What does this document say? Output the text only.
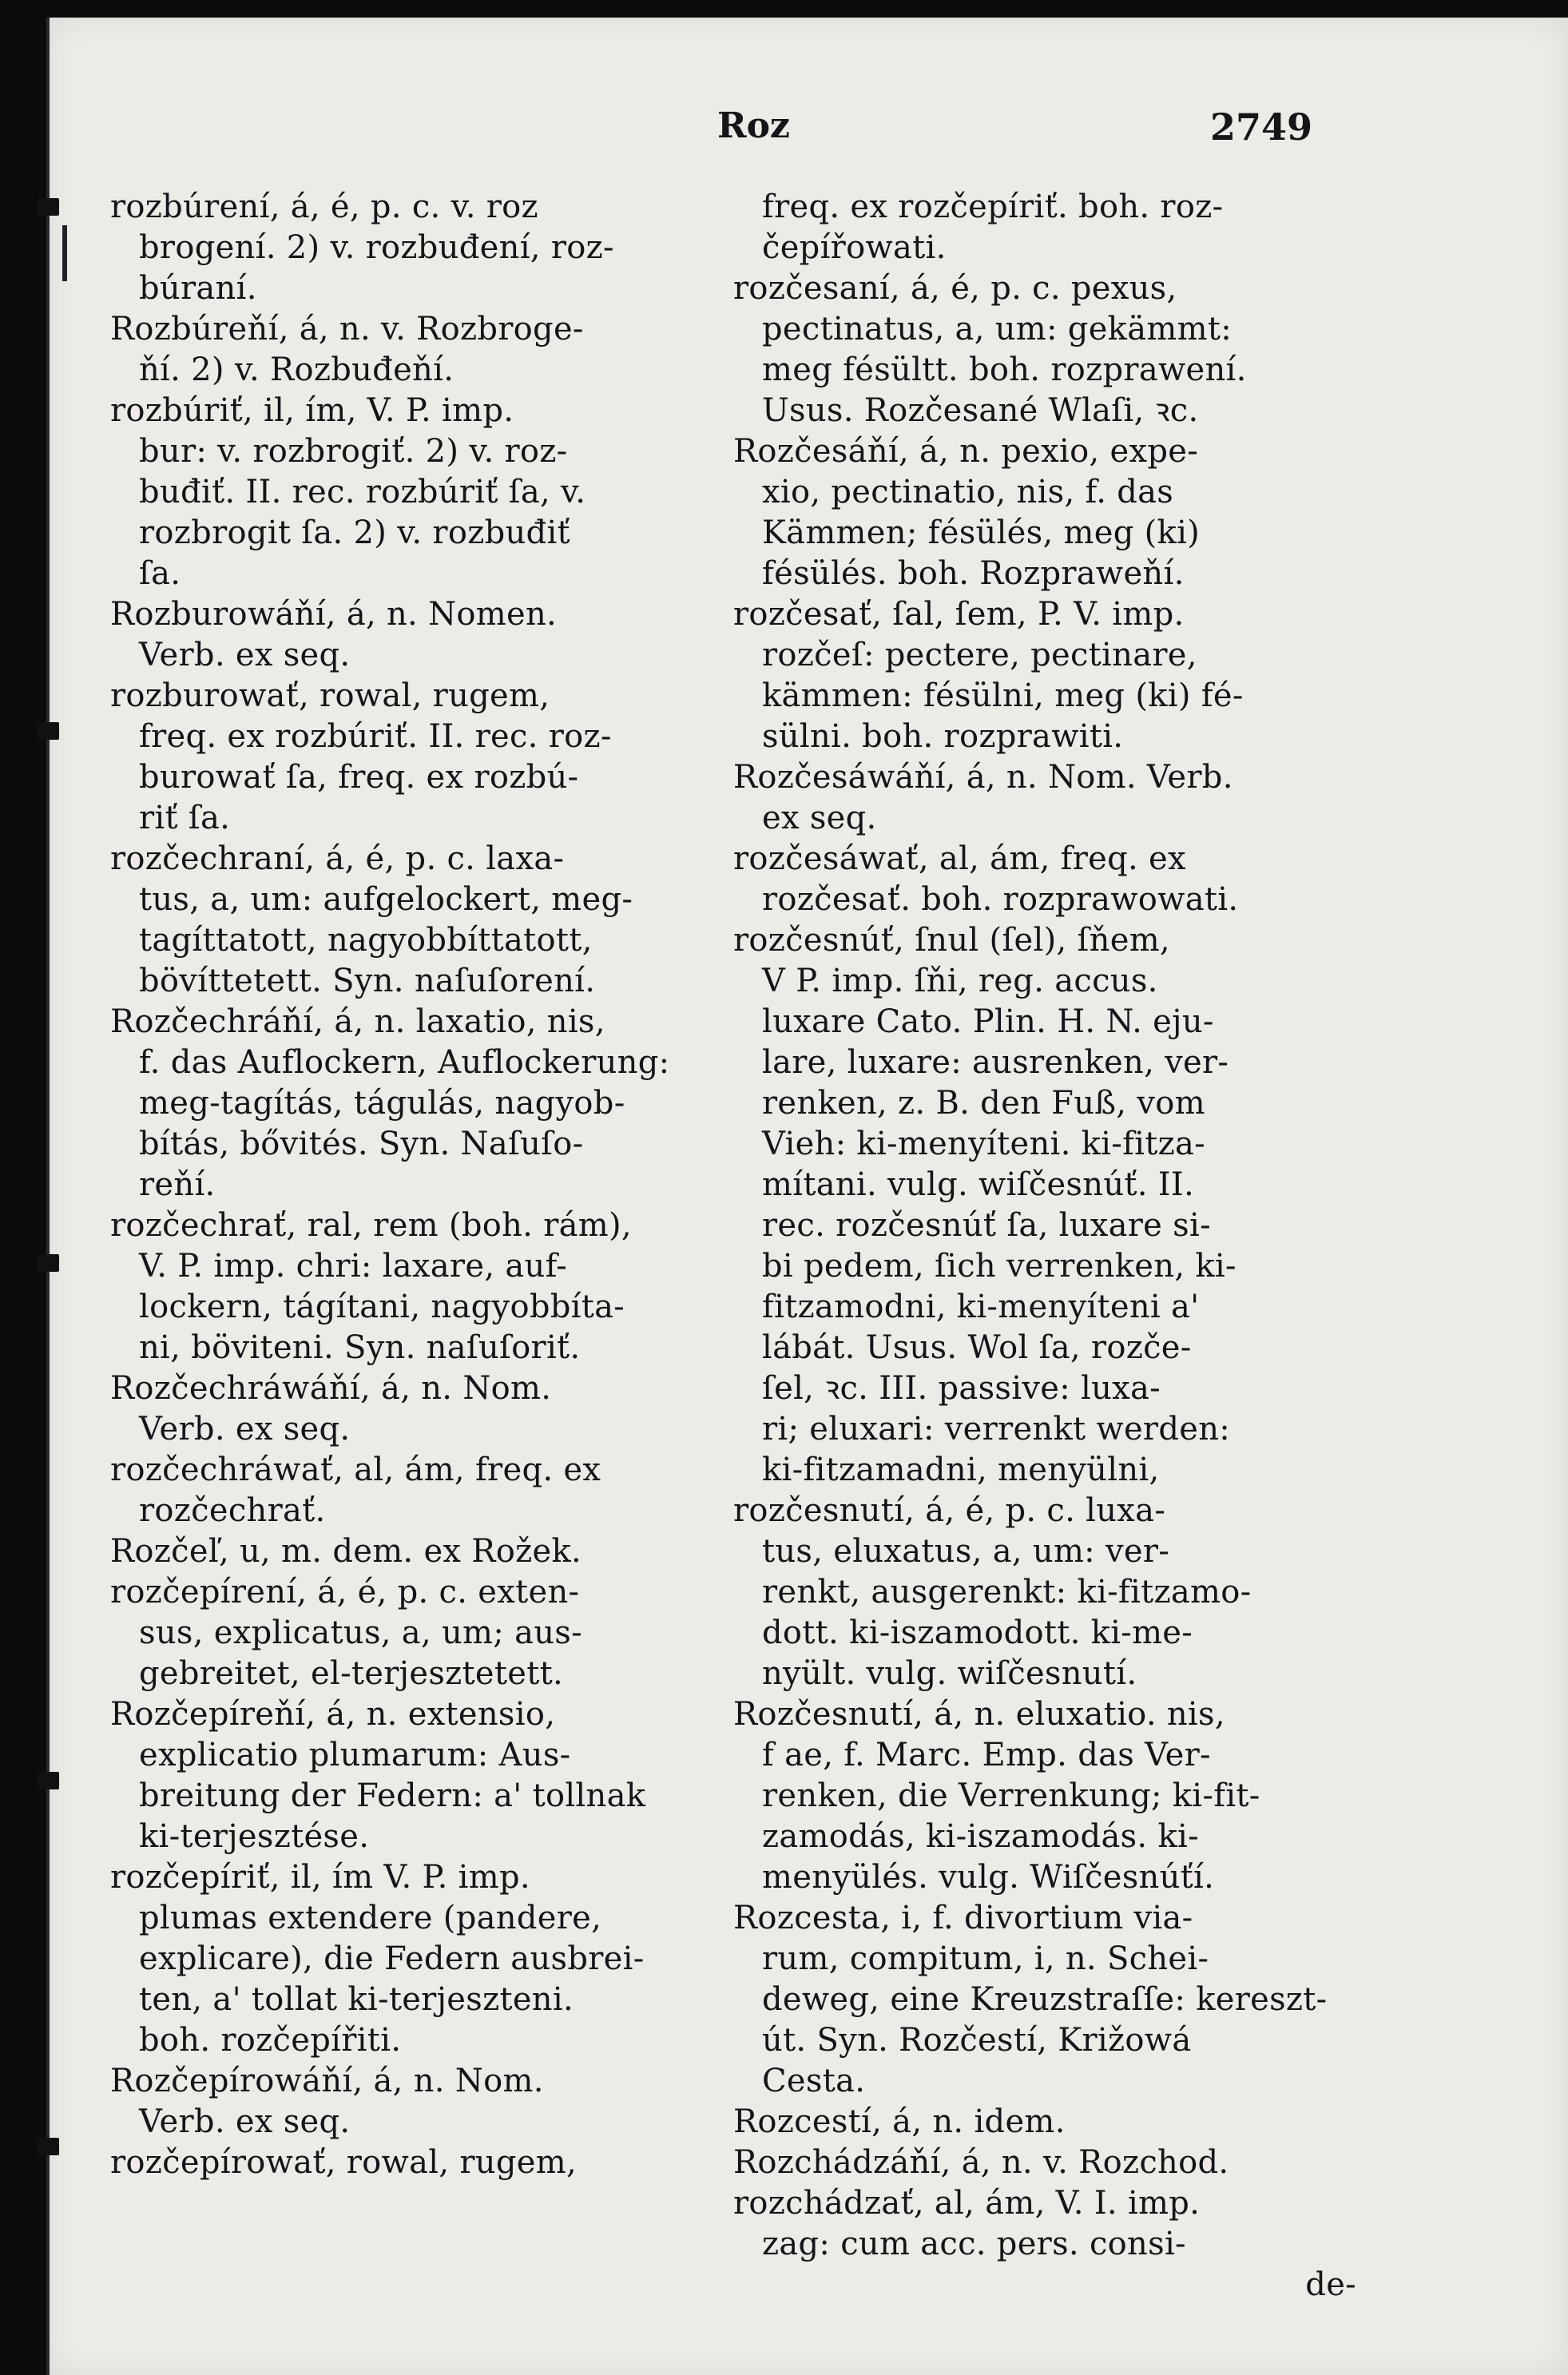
Roz	2749
rozbúrení, á, é, p. c. v. roz
brogení. 2) v. rozbuđení, roz-
búraní.
Rozbúreňí, á, n. v. Rozbroge-
ňí. 2) v. Rozbuđeňí.
rozbúriť, il, ím, V. P. imp.
bur: v. rozbrogiť. 2) v. roz-
buđiť. II. rec. rozbúriť ſa, v.
rozbrogit ſa. 2) v. rozbuđiť
ſa.
Rozburowáňí, á, n. Nomen.
Verb. ex seq.
rozburowať, rowal, rugem,
freq. ex rozbúriť. II. rec. roz-
burowať ſa, freq. ex rozbú-
riť ſa.
rozčechraní, á, é, p. c. laxa-
tus, a, um: aufgelockert, meg-
tagíttatott, nagyobbíttatott,
bövíttetett. Syn. naſuſorení.
Rozčechráňí, á, n. laxatio, nis,
f. das Auflockern, Auflockerung:
meg-tagítás, tágulás, nagyob-
bítás, bővités. Syn. Naſuſo-
reňí.
rozčechrať, ral, rem (boh. rám),
V. P. imp. chri: laxare, auf-
lockern, tágítani, nagyobbíta-
ni, böviteni. Syn. naſuſoriť.
Rozčechráwáňí, á, n. Nom.
Verb. ex seq.
rozčechráwať, al, ám, freq. ex
rozčechrať.
Rozčeľ, u, m. dem. ex Rožek.
rozčepírení, á, é, p. c. exten-
sus, explicatus, a, um; aus-
gebreitet, el-terjesztetett.
Rozčepíreňí, á, n. extensio,
explicatio plumarum: Aus-
breitung der Federn: a' tollnak
ki-terjesztése.
rozčepíriť, il, ím V. P. imp.
plumas extendere (pandere,
explicare), die Federn ausbrei-
ten, a' tollat ki-terjeszteni.
boh. rozčepířiti.
Rozčepírowáňí, á, n. Nom.
Verb. ex seq.
rozčepírowať, rowal, rugem,
freq. ex rozčepíriť. boh. roz-
čepířowati.
rozčesaní, á, é, p. c. pexus,
pectinatus, a, um: gekämmt:
meg fésültt. boh. rozprawení.
Usus. Rozčesané Wlaſi, ꝛc.
Rozčesáňí, á, n. pexio, expe-
xio, pectinatio, nis, f. das
Kämmen; fésülés, meg (ki)
fésülés. boh. Rozpraweňí.
rozčesať, ſal, ſem, P. V. imp.
rozčeſ: pectere, pectinare,
kämmen: fésülni, meg (ki) fé-
sülni. boh. rozprawiti.
Rozčesáwáňí, á, n. Nom. Verb.
ex seq.
rozčesáwať, al, ám, freq. ex
rozčesať. boh. rozprawowati.
rozčesnúť, ſnul (ſel), ſňem,
V P. imp. ſňi, reg. accus.
luxare Cato. Plin. H. N. eju-
lare, luxare: ausrenken, ver-
renken, z. B. den Fuß, vom
Vieh: ki-menyíteni. ki-fitza-
mítani. vulg. wiſčesnúť. II.
rec. rozčesnúť ſa, luxare si-
bi pedem, ſich verrenken, ki-
fitzamodni, ki-menyíteni a'
lábát. Usus. Wol ſa, rozče-
ſel, ꝛc. III. passive: luxa-
ri; eluxari: verrenkt werden:
ki-fitzamadni, menyülni,
rozčesnutí, á, é, p. c. luxa-
tus, eluxatus, a, um: ver-
renkt, ausgerenkt: ki-fitzamo-
dott. ki-iszamodott. ki-me-
nyült. vulg. wiſčesnutí.
Rozčesnutí, á, n. eluxatio. nis,
f ae, f. Marc. Emp. das Ver-
renken, die Verrenkung; ki-fit-
zamodás, ki-iszamodás. ki-
menyülés. vulg. Wiſčesnúťí.
Rozcesta, i, f. divortium via-
rum, compitum, i, n. Schei-
deweg, eine Kreuzstraſſe: kereszt-
út. Syn. Rozčestí, Križowá
Cesta.
Rozcestí, á, n. idem.
Rozchádzáňí, á, n. v. Rozchod.
rozchádzať, al, ám, V. I. imp.
zag: cum acc. pers. consi-
de-
